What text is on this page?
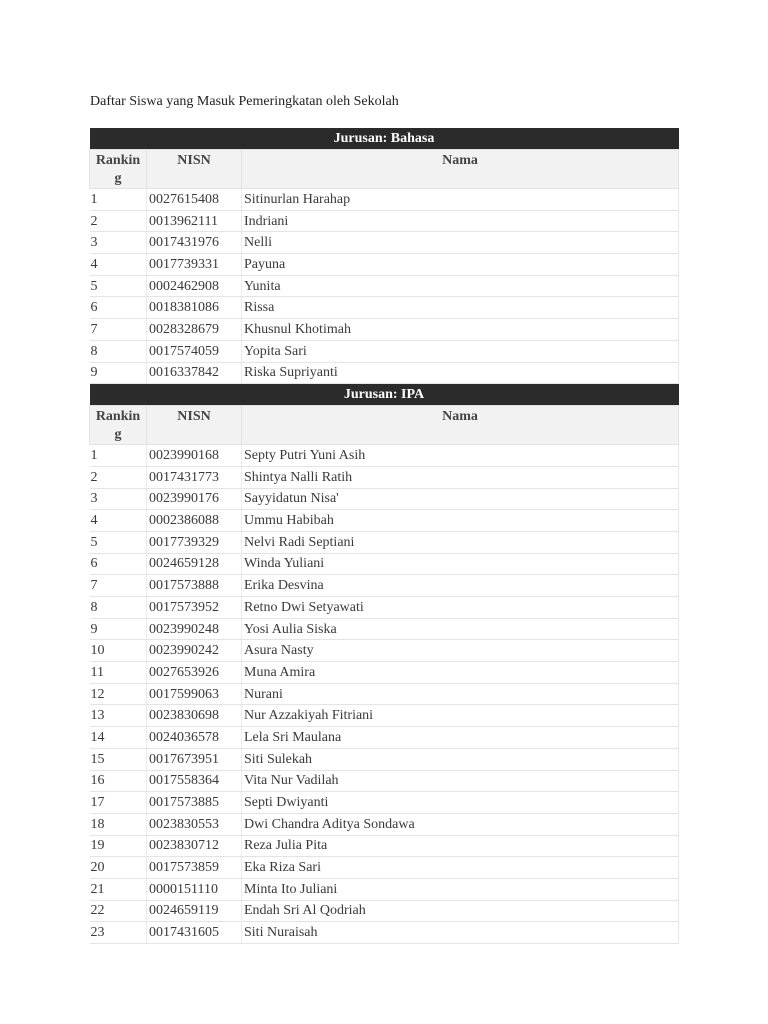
Daftar Siswa yang Masuk Pemeringkatan oleh Sekolah
Jurusan: Bahasa		
Rankin g	NISN	Nama
1	0027615408	Sitinurlan Harahap
2	0013962111	Indriani
3	0017431976	Nelli
4	0017739331	Payuna
5	0002462908	Yunita
6	0018381086	Rissa
7	0028328679	Khusnul Khotimah
8	0017574059	Yopita Sari
9	0016337842	Riska Supriyanti
Jurusan: IPA		
Rankin g	NISN	Nama
1	0023990168	Septy Putri Yuni Asih
2	0017431773	Shintya Nalli Ratih
3	0023990176	Sayyidatun Nisa'
4	0002386088	Ummu Habibah
5	0017739329	Nelvi Radi Septiani
6	0024659128	Winda Yuliani
7	0017573888	Erika Desvina
8	0017573952	Retno Dwi Setyawati
9	0023990248	Yosi Aulia Siska
10	0023990242	Asura Nasty
11	0027653926	Muna Amira
12	0017599063	Nurani
13	0023830698	Nur Azzakiyah Fitriani
14	0024036578	Lela Sri Maulana
15	0017673951	Siti Sulekah
16	0017558364	Vita Nur Vadilah
17	0017573885	Septi Dwiyanti
18	0023830553	Dwi Chandra Aditya Sondawa
19	0023830712	Reza Julia Pita
20	0017573859	Eka Riza Sari
21	0000151110	Minta Ito Juliani
22	0024659119	Endah Sri Al Qodriah
23	0017431605	Siti Nuraisah
